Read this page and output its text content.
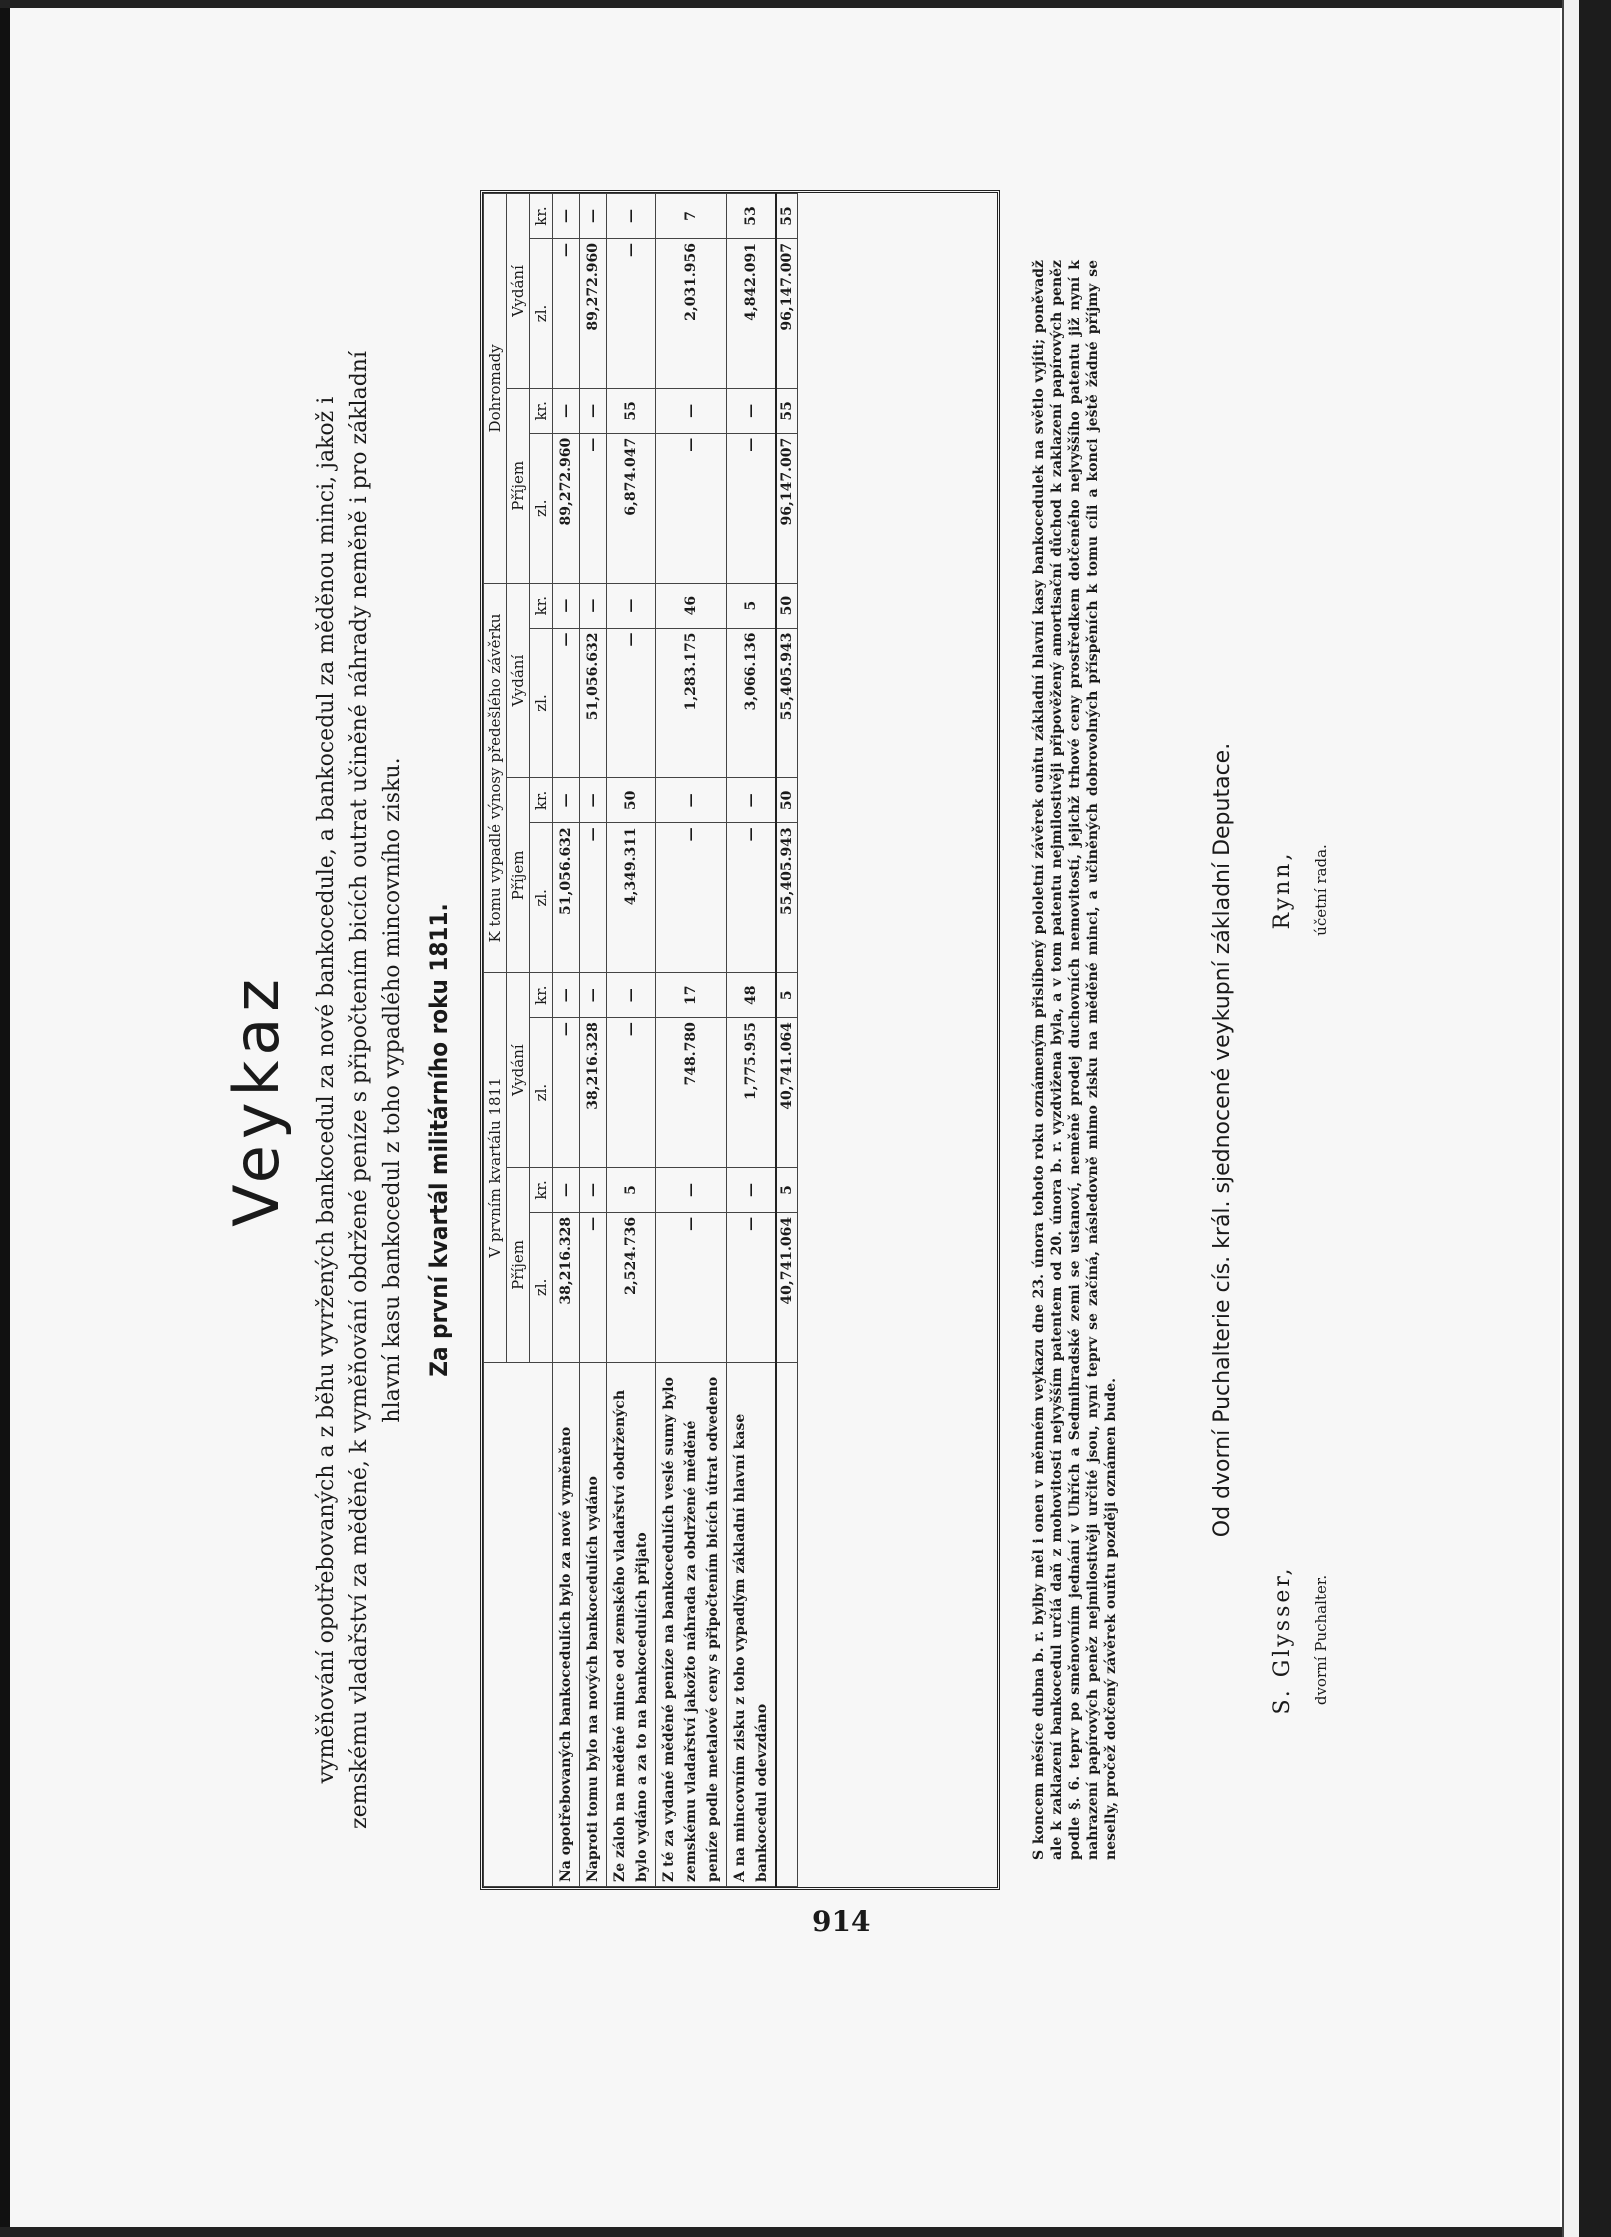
Veykaz vyměňování opotřebovaných a z běhu vyvržených bankocedul za nové bankocedule, a bankocedul za měděnou minci, jakož i zemskému vladařství za měděné, k vyměňování obdržené peníze s připočtením bicích outrat učiněné náhrady neměně i pro základní hlavní kasu bankocedul z toho vypadlého mincovního zisku. Za první kvartál militárního roku 1811.
	V prvním kvartálu 1811				K tomu vypadlé výnosy předešlého závěrku				Dohromady			
	Příjem		Vydání		Příjem		Vydání		Příjem		Vydání	
	zl.	kr.	zl.	kr.	zl.	kr.	zl.	kr.	zl.	kr.	zl.	kr.
Na opotřebovaných bankocedulích bylo za nové vyměněno	38,216.328	—	—	—	51,056.632	—	—	—	89,272.960	—	—	—
Naproti tomu bylo na nových bankocedulích vydáno	—	—	38,216.328	—	—	—	51,056.632	—	—	—	89,272.960	—
Ze záloh na měděné mince od zemského vladařství obdržených bylo vydáno a za to na bankocedulích přijato	2,524.736	5	—	—	4,349.311	50	—	—	6,874.047	55	—	—
Z té za vydané měděné peníze na bankocedulích veslé sumy bylo zemskému vladařství jakožto náhrada za obdržené měděné peníze podle metalové ceny s připočtením bicích útrat odvedeno	—	—	748.780	17	—	—	1,283.175	46	—	—	2,031.956	7
A na mincovním zisku z toho vypadlým základní hlavní kase bankocedul odevzdáno	—	—	1,775.955	48	—	—	3,066.136	5	—	—	4,842.091	53
	40,741.064	5	40,741.064	5	55,405.943	50	55,405.943	50	96,147.007	55	96,147.007	55
S koncem měsíce dubna b. r. bylby měl i onen v měnném veykazu dne 23. února tohoto roku oznámeným přislíbený pololetní závěrek ouňtu základní hlavní kasy bankocedulek na světlo vyjíti; poněvadž ale k zaklazení bankocedul určiá daň z mohovitostí nejvyšším patentem od 20. února b. r. vyzdvižena byla, a v tom patentu nejmilostivěji připověžený amortisační důchod k zaklazení papírových peněz podle §. 6. teprv po směnovním jednání v Uhřích a Sedmihradské zemi se ustanoví, neměně prodej duchovních nemovitostí, jejichž trhové ceny prostředkem dotčeného nejvyššího patentu již nyní k nahrazení papírových peněz nejmilostivěji určité jsou, nyní teprv se začíná, následovně mimo zisku na měděné minci, a učiněných dobrovolných příspěních k tomu cíli a konci ještě žádné příjmy se neselly, pročež dotčený závěrek ouňtu později oznámen bude.
Od dvorní Puchalterie cís. král. sjednocené veykupní základní Deputace. Rynn, účetní rada.
S. Glysser, dvorní Puchalter.
914
